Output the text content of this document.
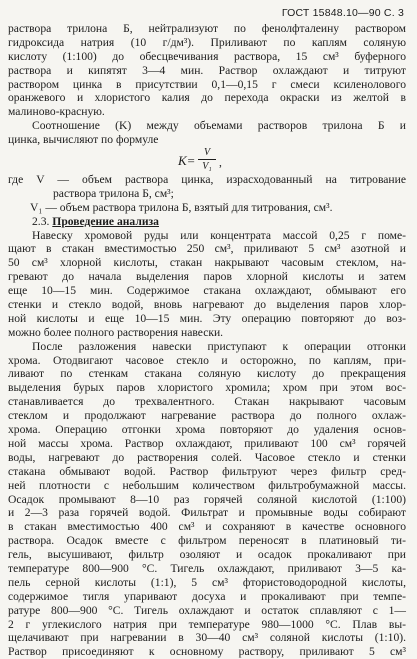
ГОСТ 15848.10—90 С. 3
раствора трилона Б, нейтрализуют по фенолфталеину раствором
гидроксида натрия (10 г/дм³). Приливают по каплям соляную
кислоту (1:100) до обесцвечивания раствора, 15 см³ буферного
раствора и кипятят 3—4 мин. Раствор охлаждают и титруют
раствором цинка в присутствии 0,1—0,15 г смеси ксиленолового
оранжевого и хлористого калия до перехода окраски из желтой в
малиново-красную.
Соотношение (K) между объемами растворов трилона Б и
цинка, вычисляют по формуле
$K= \frac{V}{\text{V₁}}$ ,
где V — объем раствора цинка, израсходованный на титрование
раствора трилона Б, см³;
V₁ — объем раствора трилона Б, взятый для титрования, см³.
2.3. Проведение анализа
Навеску хромовой руды или концентрата массой 0,25 г поме-
щают в стакан вместимостью 250 см³, приливают 5 см³ азотной и
50 см³ хлорной кислоты, стакан накрывают часовым стеклом, на-
гревают до начала выделения паров хлорной кислоты и затем
еще 10—15 мин. Содержимое стакана охлаждают, обмывают его
стенки и стекло водой, вновь нагревают до выделения паров хлор-
ной кислоты и еще 10—15 мин. Эту операцию повторяют до воз-
можно более полного растворения навески.
После разложения навески приступают к операции отгонки
хрома. Отодвигают часовое стекло и осторожно, по каплям, при-
ливают по стенкам стакана соляную кислоту до прекращения
выделения бурых паров хлористого хромила; хром при этом вос-
станавливается до трехвалентного. Стакан накрывают часовым
стеклом и продолжают нагревание раствора до полного охлаж-
хрома. Операцию отгонки хрома повторяют до удаления основ-
ной массы хрома. Раствор охлаждают, приливают 100 см³ горячей
воды, нагревают до растворения солей. Часовое стекло и стенки
стакана обмывают водой. Раствор фильтруют через фильтр сред-
ней плотности с небольшим количеством фильтробумажной массы.
Осадок промывают 8—10 раз горячей соляной кислотой (1:100)
и 2—3 раза горячей водой. Фильтрат и промывные воды собирают
в стакан вместимостью 400 см³ и сохраняют в качестве основного
раствора. Осадок вместе с фильтром переносят в платиновый ти-
гель, высушивают, фильтр озоляют и осадок прокаливают при
температуре 800—900 °С. Тигель охлаждают, приливают 3—5 ка-
пель серной кислоты (1:1), 5 см³ фтористоводородной кислоты,
содержимое тигля упаривают досуха и прокаливают при темпе-
ратуре 800—900 °С. Тигель охлаждают и остаток сплавляют с 1—
2 г углекислого натрия при температуре 980—1000 °С. Плав вы-
щелачивают при нагревании в 30—40 см³ соляной кислоты (1:10).
Раствор присоединяют к основному раствору, приливают 5 см³
